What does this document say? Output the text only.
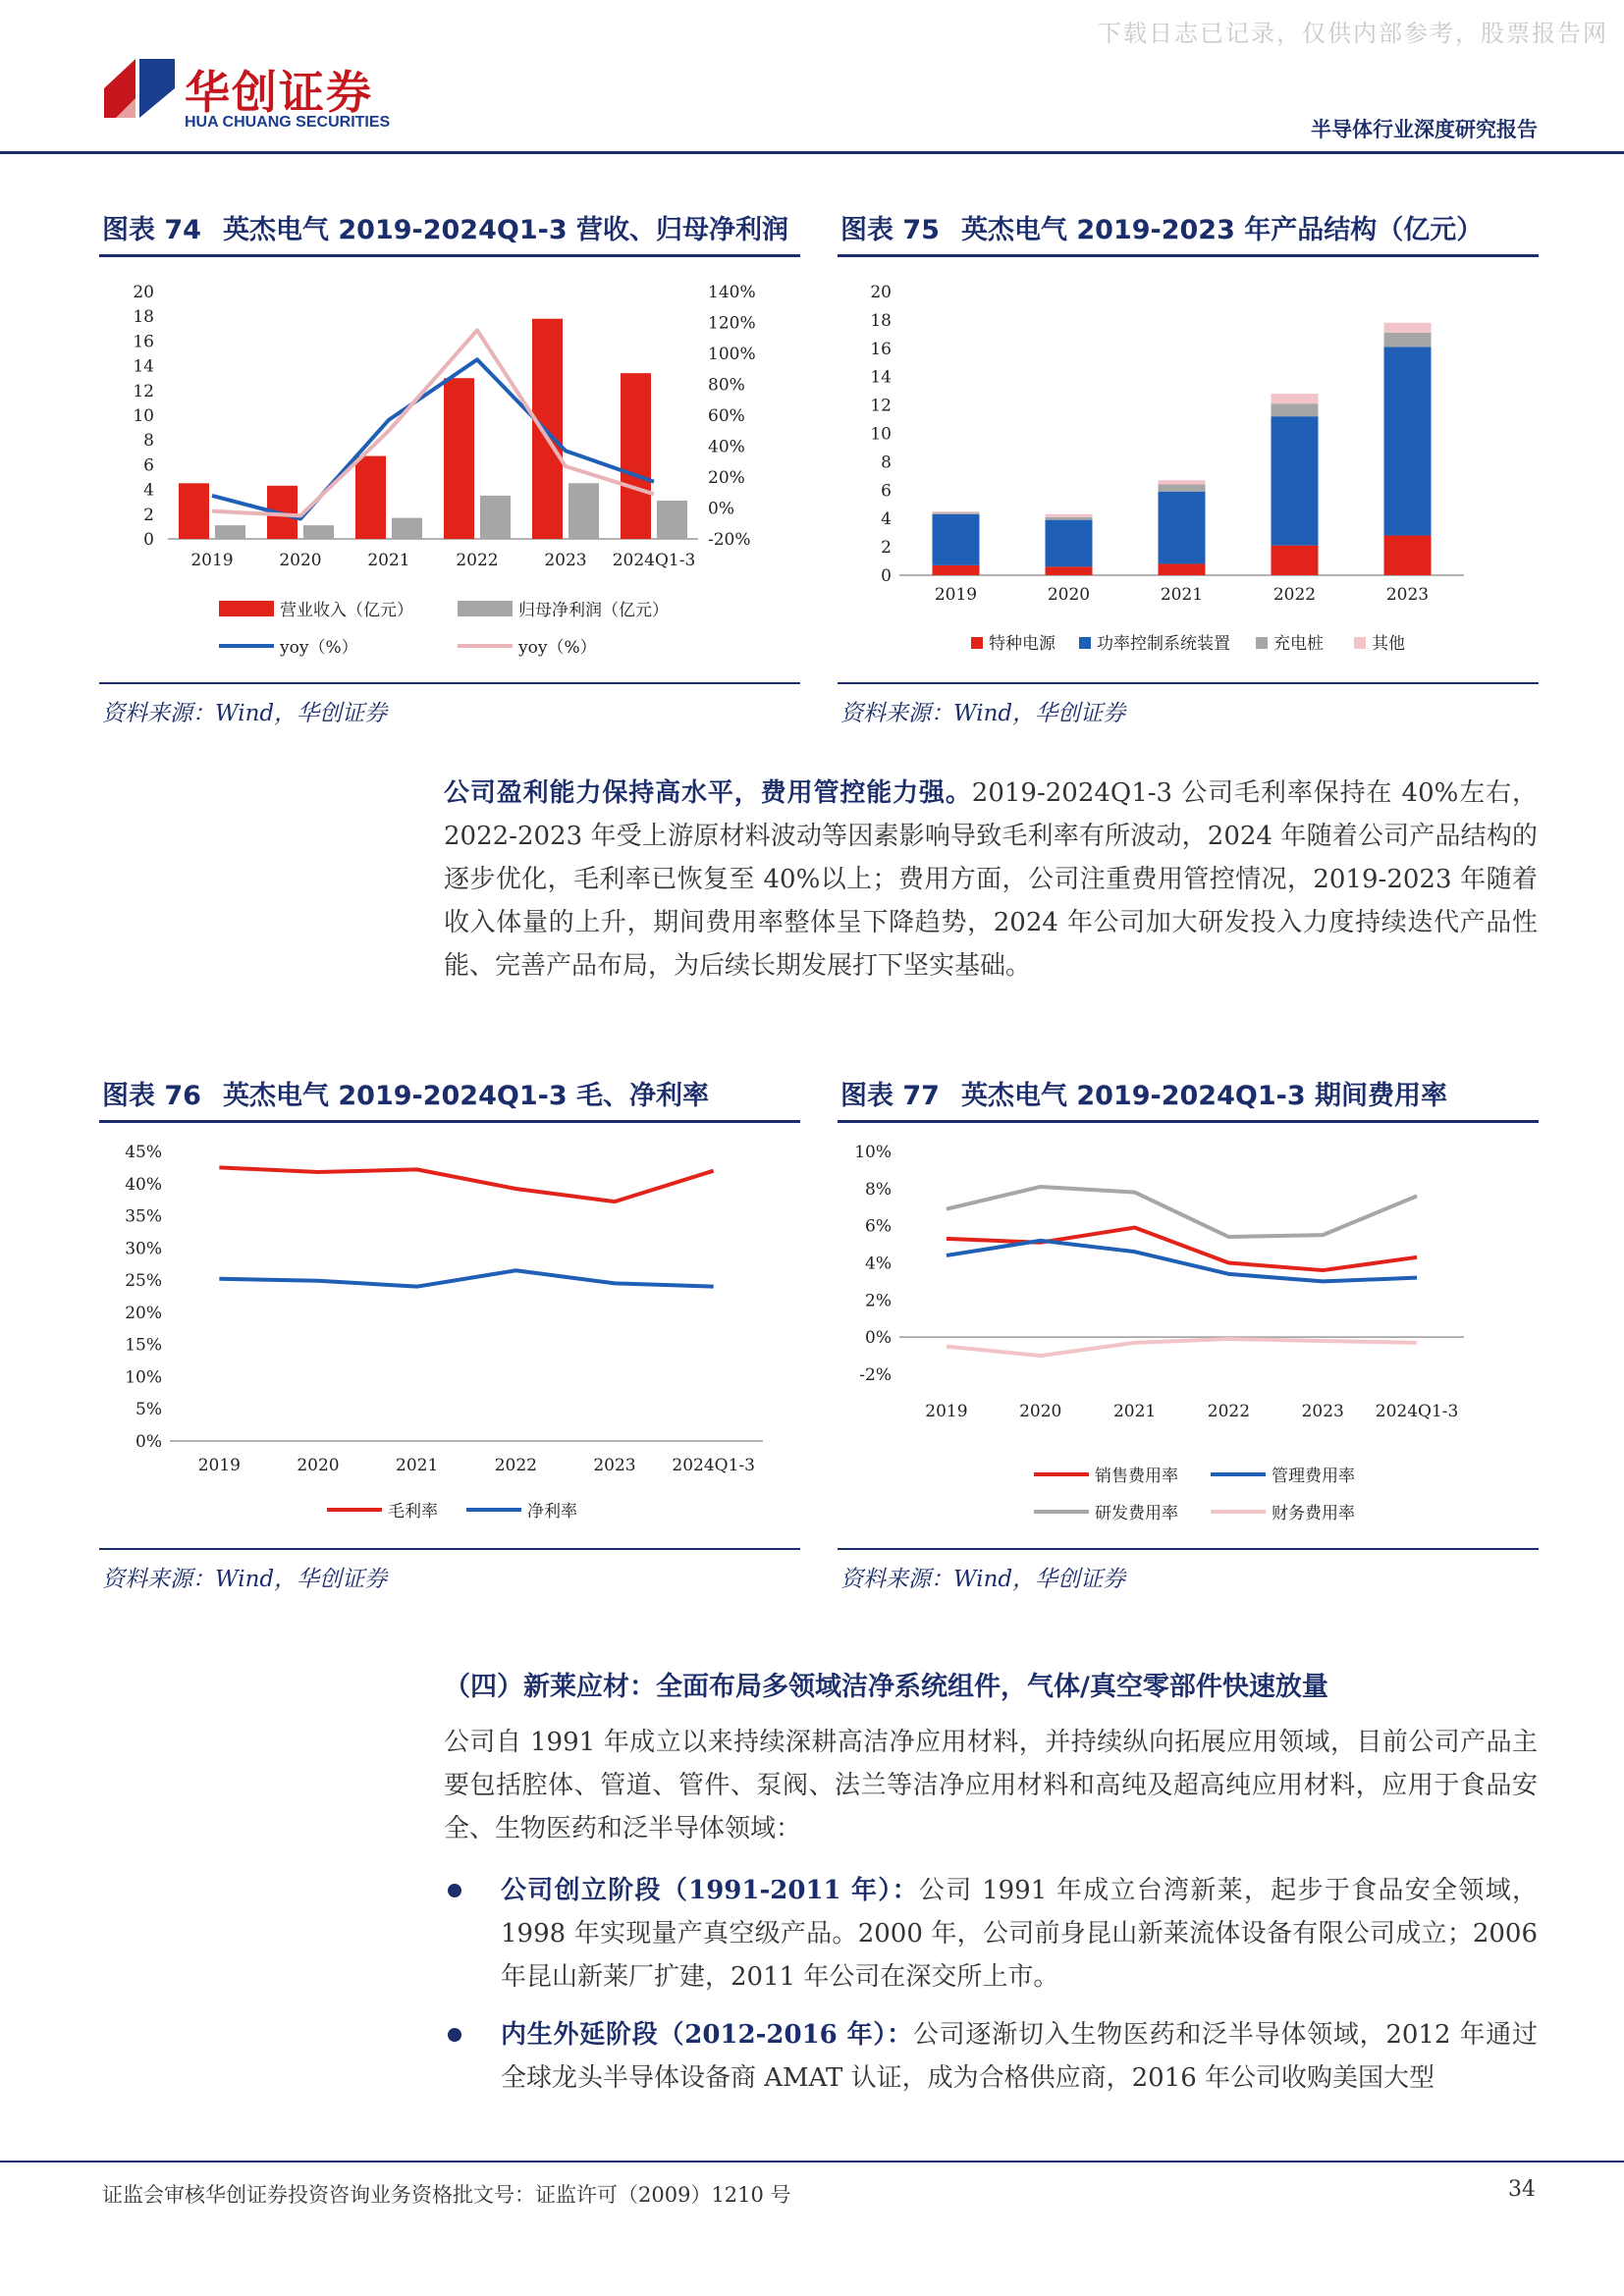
下载日志已记录，仅供内部参考，股票报告网
华创证券
HUA CHUANG SECURITIES	半导体行业深度研究报告
图表 74 英杰电气 2019-2024Q1-3 营收、归母净利润
0
2
4
6
8
10
12
14
16
18
20
-20%
0%
20%
40%
60%
80%
100%
120%
140%
2019	2020	2021	2022	2023 2024Q1-3
营业收入（亿元）	归母净利润（亿元）
yoy（%）	yoy（%）
资料来源：Wind，华创证券
图表 75 英杰电气 2019-2023 年产品结构（亿元）
0
2
4
6
8
10
12
14
16
18
20
2019	2020	2021	2022	2023
特种电源 功率控制系统装置	充电桩	其他
资料来源：Wind，华创证券
公司盈利能力保持高水平，费用管控能力强。2019-2024Q1-3 公司毛利率保持在 40%左右，2022-2023 年受上游原材料波动等因素影响导致毛利率有所波动，2024 年随着公司产品结构的逐步优化，毛利率已恢复至 40%以上；费用方面，公司注重费用管控情况，2019-2023 年随着收入体量的上升，期间费用率整体呈下降趋势，2024 年公司加大研发投入力度持续迭代产品性能、完善产品布局，为后续长期发展打下坚实基础。
图表 76 英杰电气 2019-2024Q1-3 毛、净利率
0%
5%
10%
15%
20%
25%
30%
35%
40%
45%
2019	2020	2021	2022	2023 2024Q1-3
毛利率	净利率
资料来源：Wind，华创证券
图表 77 英杰电气 2019-2024Q1-3 期间费用率
-2%
0%
2%
4%
6%
8%
10%
2019	2020	2021	2022	2023 2024Q1-3
销售费用率	管理费用率
研发费用率	财务费用率
资料来源：Wind，华创证券
（四）新莱应材：全面布局多领域洁净系统组件，气体/真空零部件快速放量
公司自 1991 年成立以来持续深耕高洁净应用材料，并持续纵向拓展应用领域，目前公司产品主要包括腔体、管道、管件、泵阀、法兰等洁净应用材料和高纯及超高纯应用材料，应用于食品安全、生物医药和泛半导体领域：
公司创立阶段（1991-2011 年）：公司 1991 年成立台湾新莱，起步于食品安全领域，1998 年实现量产真空级产品。2000 年，公司前身昆山新莱流体设备有限公司成立；2006 年昆山新莱厂扩建，2011 年公司在深交所上市。
内生外延阶段（2012-2016 年）：公司逐渐切入生物医药和泛半导体领域，2012 年通过全球龙头半导体设备商 AMAT 认证，成为合格供应商，2016 年公司收购美国大型
证监会审核华创证券投资咨询业务资格批文号：证监许可（2009）1210 号	34
